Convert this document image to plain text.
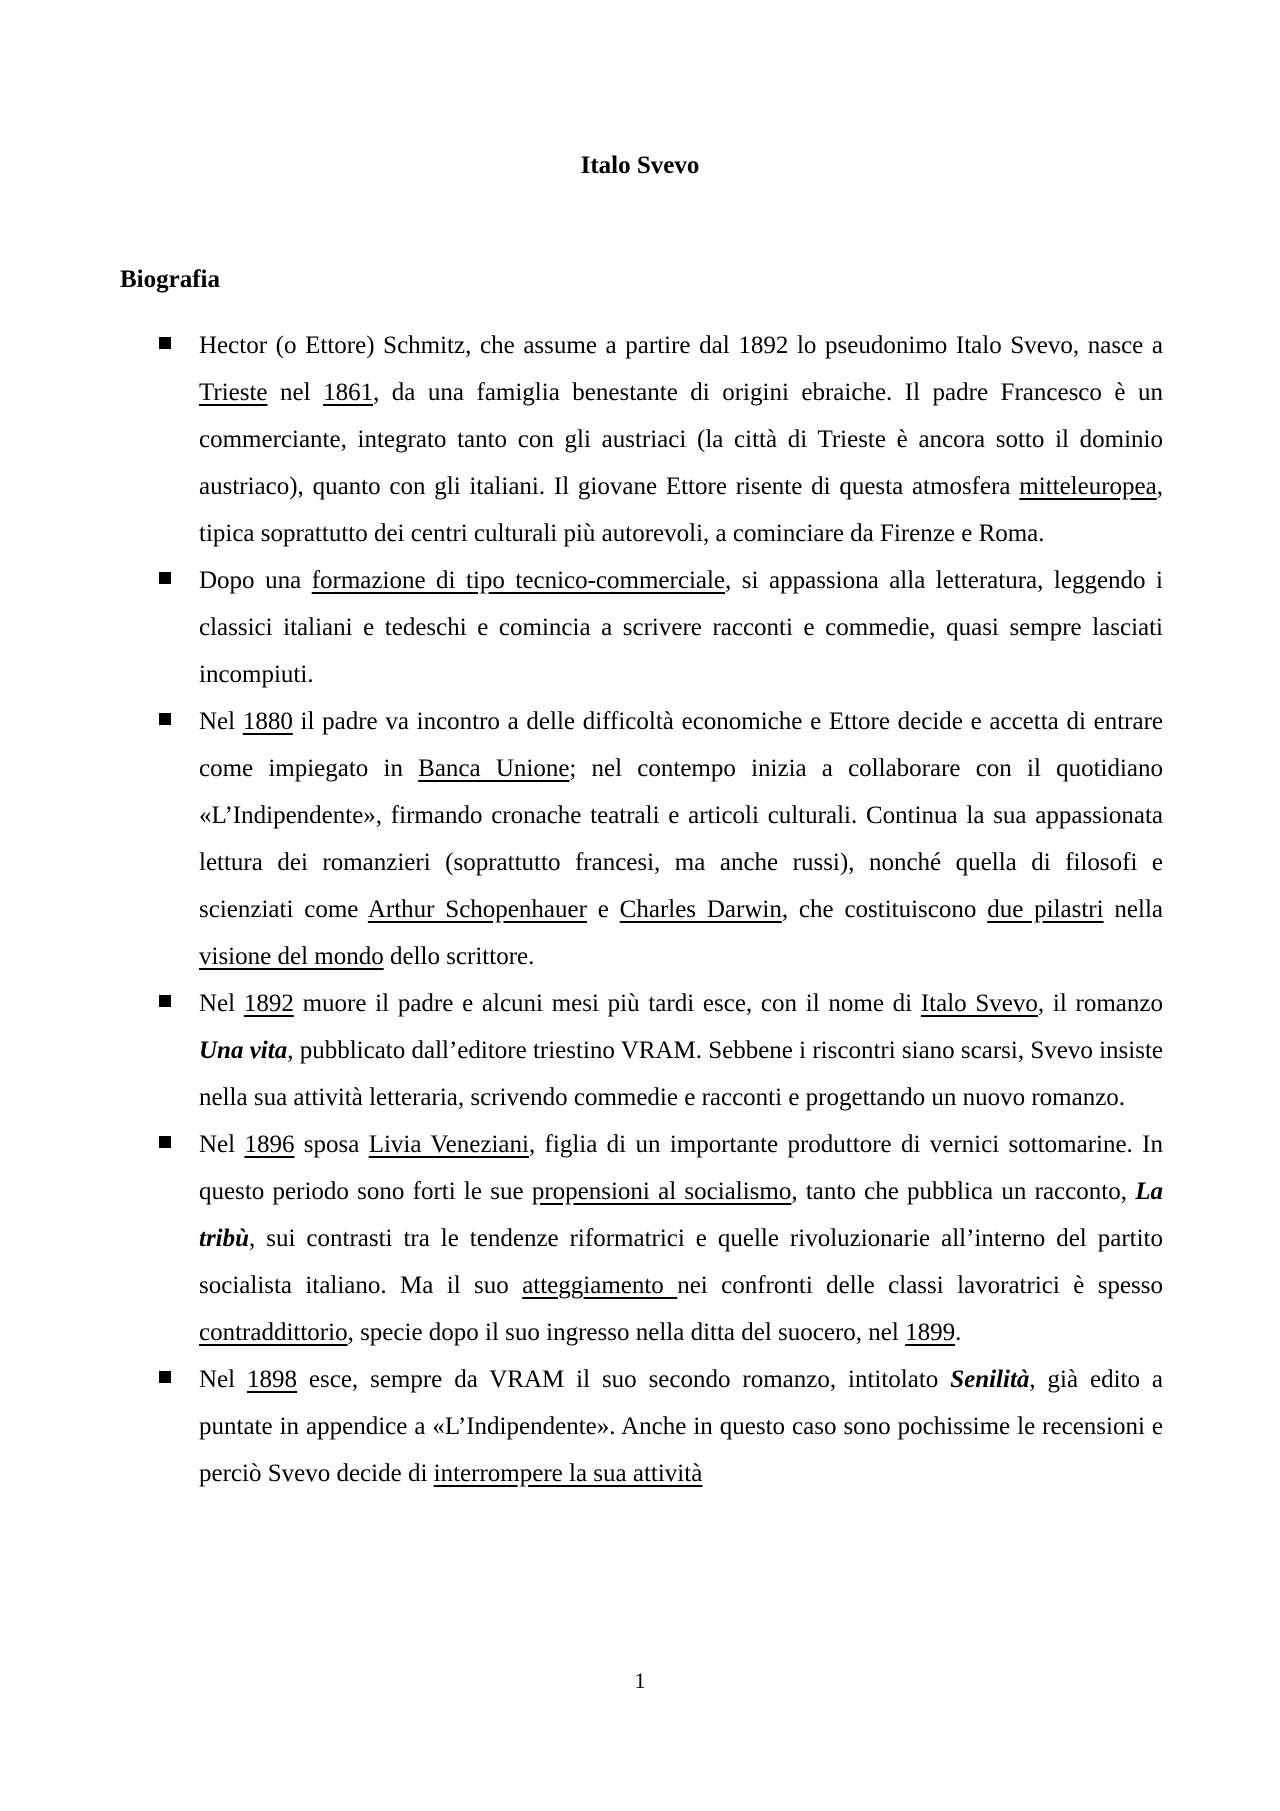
Italo Svevo
Biografia

Hector (o Ettore) Schmitz, che assume a partire dal 1892 lo pseudonimo Italo Svevo, nasce a Trieste nel 1861, da una famiglia benestante di origini ebraiche. Il padre Francesco è un commerciante, integrato tanto con gli austriaci (la città di Trieste è ancora sotto il dominio austriaco), quanto con gli italiani. Il giovane Ettore risente di questa atmosfera mitteleuropea, tipica soprattutto dei centri culturali più autorevoli, a cominciare da Firenze e Roma.

Dopo una formazione di tipo tecnico-commerciale, si appassiona alla letteratura, leggendo i classici italiani e tedeschi e comincia a scrivere racconti e commedie, quasi sempre lasciati incompiuti.

Nel 1880 il padre va incontro a delle difficoltà economiche e Ettore decide e accetta di entrare come impiegato in Banca Unione; nel contempo inizia a collaborare con il quotidiano «L’Indipendente», firmando cronache teatrali e articoli culturali. Continua la sua appassionata lettura dei romanzieri (soprattutto francesi, ma anche russi), nonché quella di filosofi e scienziati come Arthur Schopenhauer e Charles Darwin, che costituiscono due pilastri nella visione del mondo dello scrittore.

Nel 1892 muore il padre e alcuni mesi più tardi esce, con il nome di Italo Svevo, il romanzo Una vita, pubblicato dall’editore triestino VRAM. Sebbene i riscontri siano scarsi, Svevo insiste nella sua attività letteraria, scrivendo commedie e racconti e progettando un nuovo romanzo.

Nel 1896 sposa Livia Veneziani, figlia di un importante produttore di vernici sottomarine. In questo periodo sono forti le sue propensioni al socialismo, tanto che pubblica un racconto, La tribù, sui contrasti tra le tendenze riformatrici e quelle rivoluzionarie all’interno del partito socialista italiano. Ma il suo atteggiamento nei confronti delle classi lavoratrici è spesso contraddittorio, specie dopo il suo ingresso nella ditta del suocero, nel 1899.

Nel 1898 esce, sempre da VRAM il suo secondo romanzo, intitolato Senilità, già edito a puntate in appendice a «L’Indipendente». Anche in questo caso sono pochissime le recensioni e perciò Svevo decide di interrompere la sua attività

1
